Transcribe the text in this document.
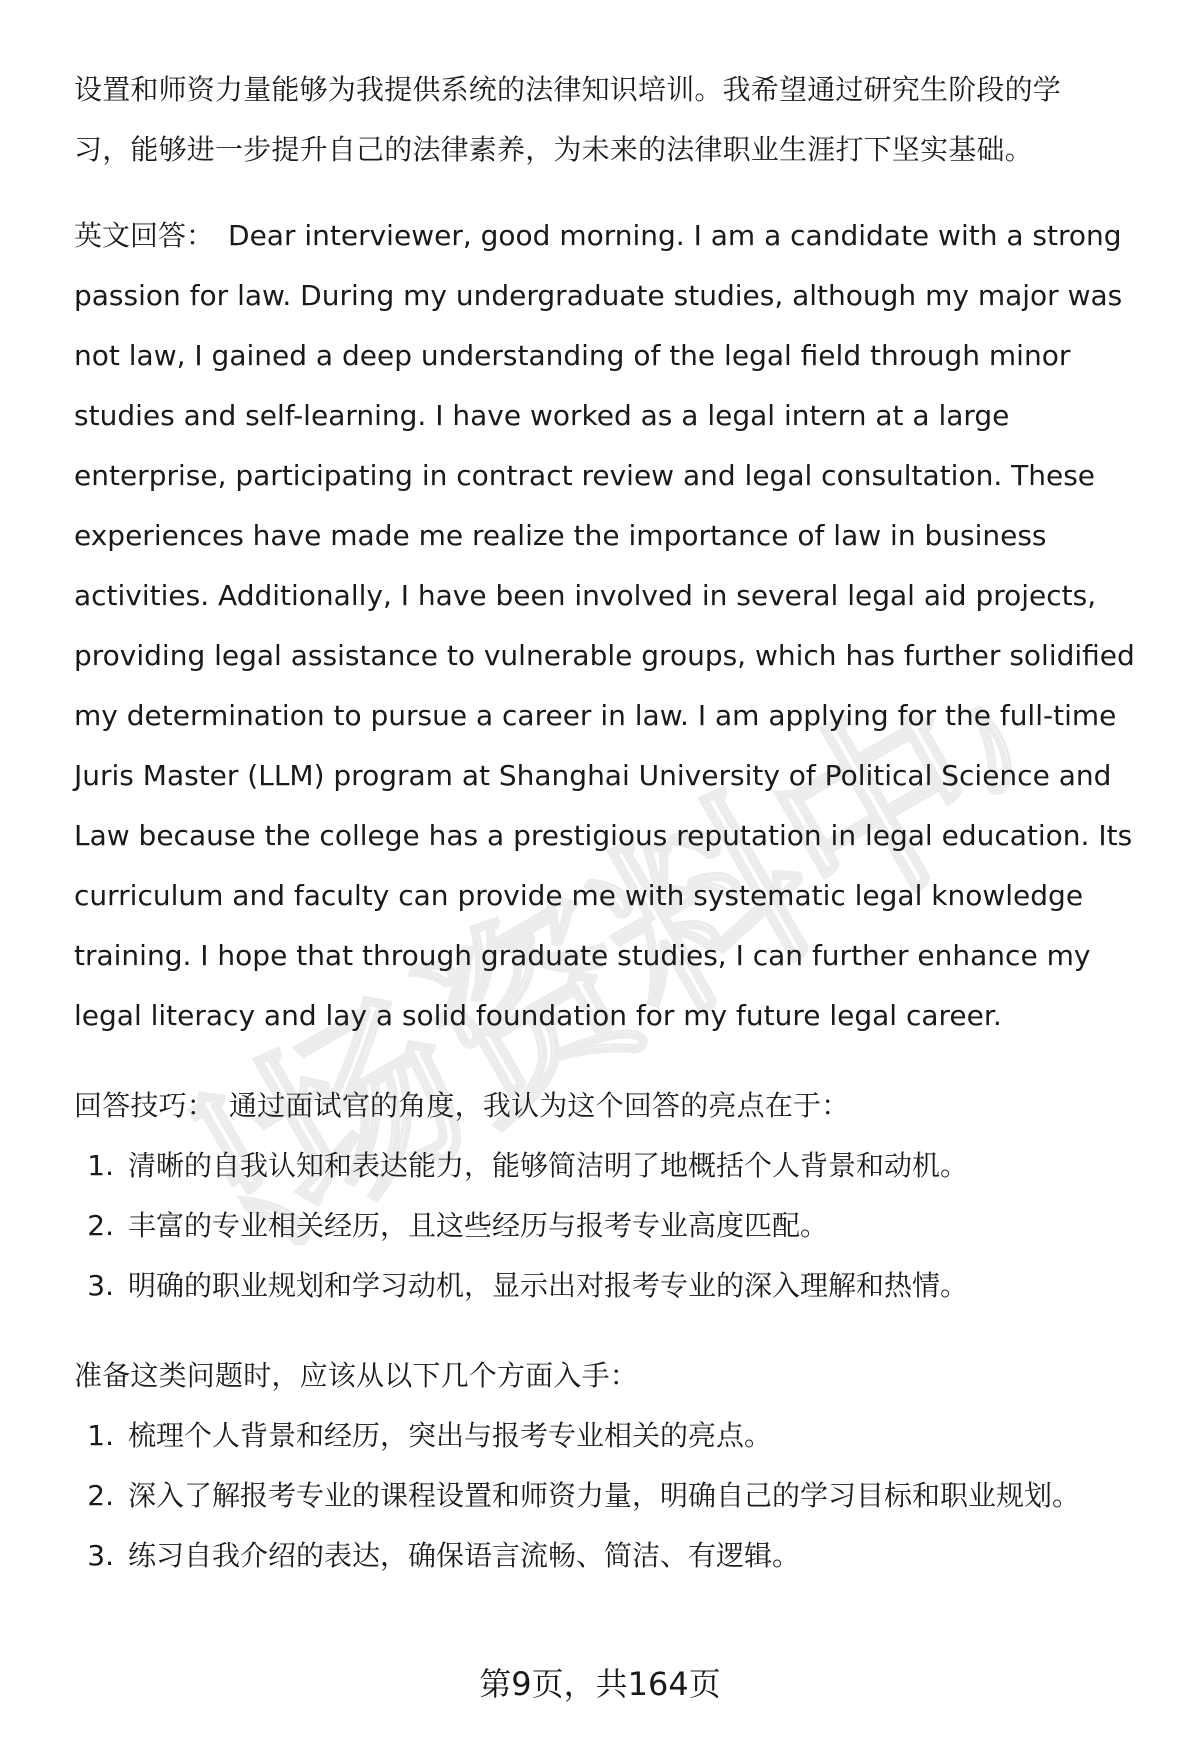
职场资料中心

设置和师资力量能够为我提供系统的法律知识培训。我希望通过研究生阶段的学

习，能够进一步提升自己的法律素养，为未来的法律职业生涯打下坚实基础。

英文回答： Dear interviewer, good morning. I am a candidate with a strong passion for law. During my undergraduate studies, although my major was not law, I gained a deep understanding of the legal field through minor studies and self-learning. I have worked as a legal intern at a large enterprise, participating in contract review and legal consultation. These experiences have made me realize the importance of law in business activities. Additionally, I have been involved in several legal aid projects, providing legal assistance to vulnerable groups, which has further solidified my determination to pursue a career in law. I am applying for the full-time Juris Master (LLM) program at Shanghai University of Political Science and Law because the college has a prestigious reputation in legal education. Its curriculum and faculty can provide me with systematic legal knowledge training. I hope that through graduate studies, I can further enhance my legal literacy and lay a solid foundation for my future legal career.

回答技巧： 通过面试官的角度，我认为这个回答的亮点在于：

1. 清晰的自我认知和表达能力，能够简洁明了地概括个人背景和动机。
2. 丰富的专业相关经历，且这些经历与报考专业高度匹配。
3. 明确的职业规划和学习动机，显示出对报考专业的深入理解和热情。

准备这类问题时，应该从以下几个方面入手：

1. 梳理个人背景和经历，突出与报考专业相关的亮点。
2. 深入了解报考专业的课程设置和师资力量，明确自己的学习目标和职业规划。
3. 练习自我介绍的表达，确保语言流畅、简洁、有逻辑。
第9页，共164页
